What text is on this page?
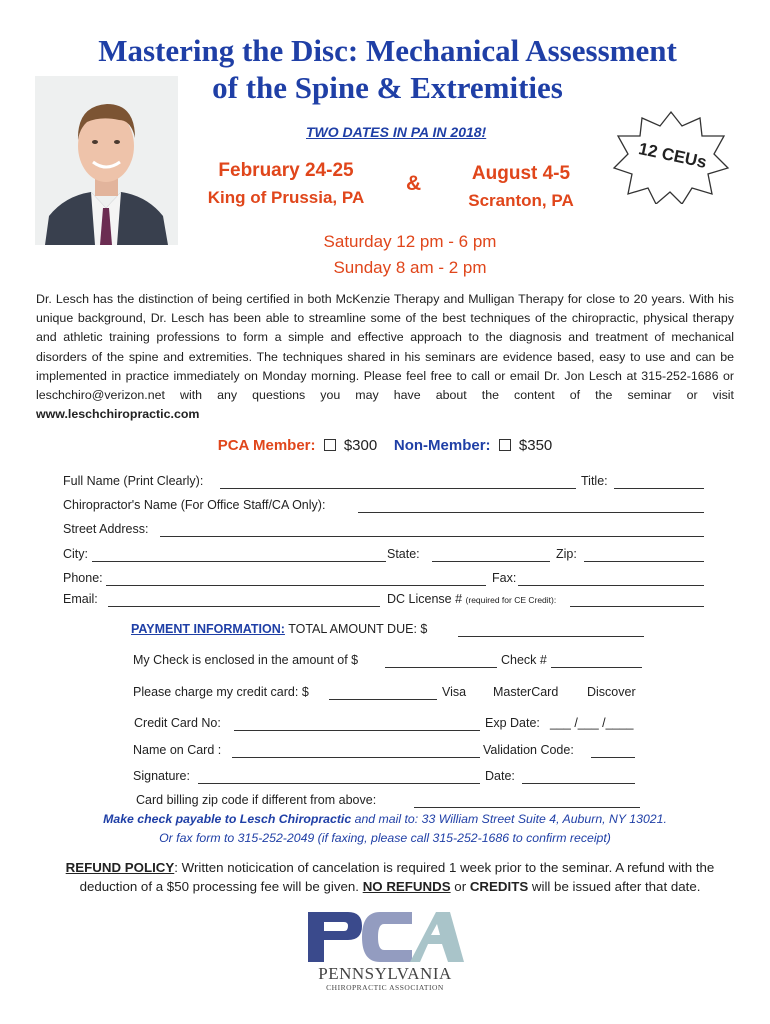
Mastering the Disc: Mechanical Assessment
of the Spine & Extremities
TWO DATES IN PA IN 2018!
12 CEUs
February 24-25
King of Prussia, PA
&	August 4-5
Scranton, PA
Saturday 12 pm - 6 pm
Sunday 8 am - 2 pm
Dr. Lesch has the distinction of being certified in both McKenzie Therapy and Mulligan Therapy for close to 20 years. With his unique background, Dr. Lesch has been able to streamline some of the best techniques of the chiropractic, physical therapy and athletic training professions to form a simple and effective approach to the diagnosis and treatment of mechanical disorders of the spine and extremities. The techniques shared in his seminars are evidence based, easy to use and can be implemented in practice immediately on Monday morning. Please feel free to call or email Dr. Jon Lesch at 315-252-1686 or leschchiro@verizon.net with any questions you may have about the content of the seminar or visit www.leschchiropractic.com
PCA Member: $300 Non-Member: $350
Full Name (Print Clearly):	Title:
Chiropractor's Name (For Office Staff/CA Only):
Street Address:
City:	State:	Zip:
Phone:	Fax:
Email:	DC License # (required for CE Credit):
PAYMENT INFORMATION: TOTAL AMOUNT DUE: $
My Check is enclosed in the amount of $	Check #
Please charge my credit card: $	Visa MasterCard Discover
Credit Card No:	Exp Date: ___ /___ /____
Name on Card :	Validation Code:
Signature:	Date:
Card billing zip code if different from above:
Make check payable to Lesch Chiropractic and mail to: 33 William Street Suite 4, Auburn, NY 13021.
Or fax form to 315-252-2049 (if faxing, please call 315-252-1686 to confirm receipt)
REFUND POLICY: Written noticication of cancelation is required 1 week prior to the seminar. A refund with the deduction of a $50 processing fee will be given. NO REFUNDS or CREDITS will be issued after that date.
PENNSYLVANIA
CHIROPRACTIC ASSOCIATION
